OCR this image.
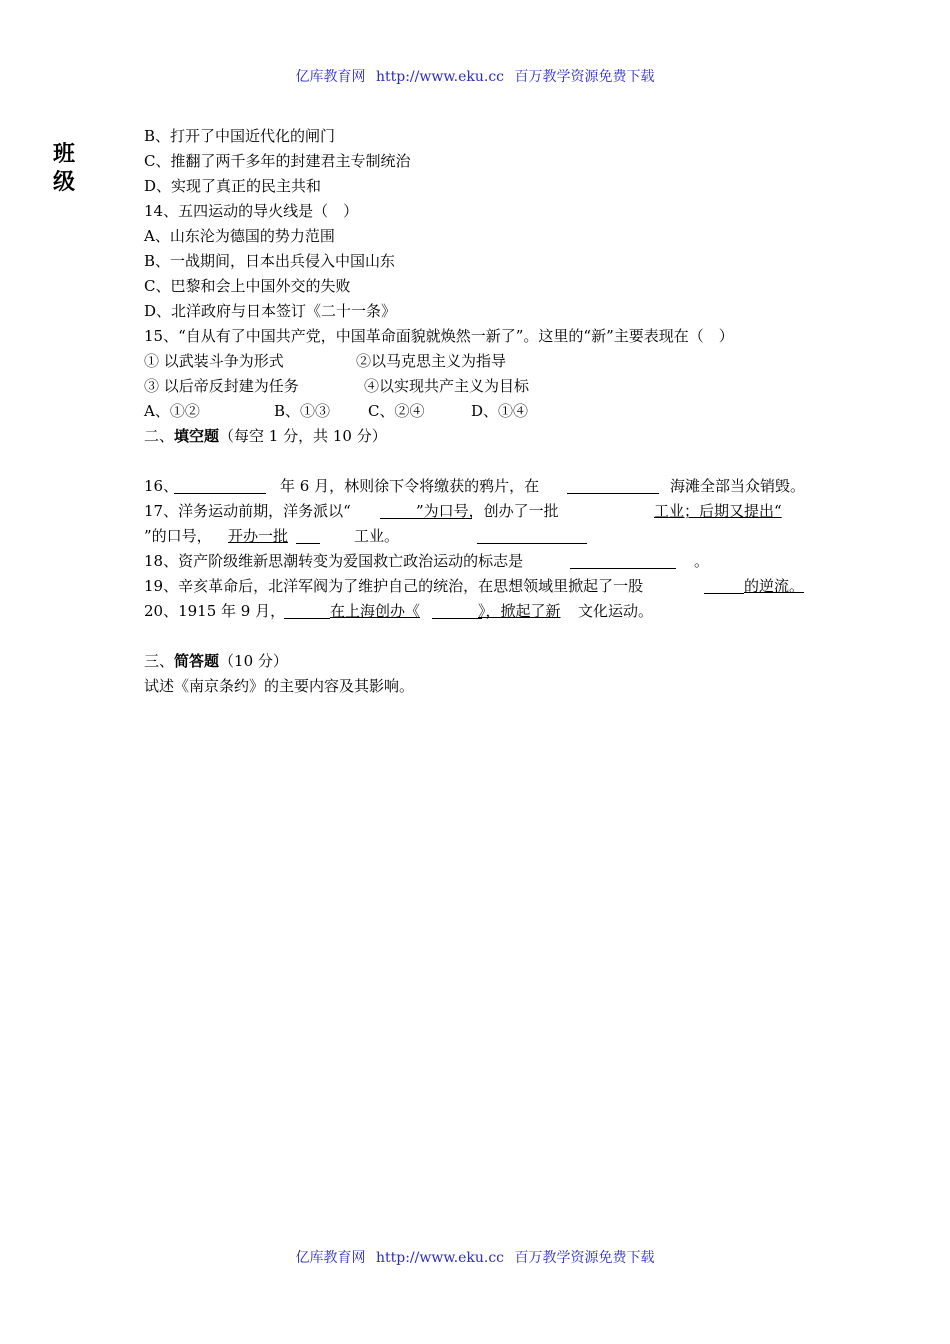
亿库教育网 http://www.eku.cc 百万教学资源免费下载
班
级
B、打开了中国近代化的闸门
C、推翻了两千多年的封建君主专制统治
D、实现了真正的民主共和
14、五四运动的导火线是（　）
A、山东沦为德国的势力范围
B、一战期间，日本出兵侵入中国山东
C、巴黎和会上中国外交的失败
D、北洋政府与日本签订《二十一条》
15、“自从有了中国共产党，中国革命面貌就焕然一新了”。这里的“新”主要表现在（　）
① 以武装斗争为形式	②以马克思主义为指导
③ 以后帝反封建为任务	④以实现共产主义为目标
A、①②	B、①③	C、②④	D、①④
二、填空题（每空 1 分，共 10 分）
16、	年 6 月，林则徐下令将缴获的鸦片，在	海滩全部当众销毁。
17、洋务运动前期，洋务派以“	”为口号，创办了一批	工业；后期又提出“
”的口号， 开办一批	工业。
18、资产阶级维新思潮转变为爱国救亡政治运动的标志是	。
19、辛亥革命后，北洋军阀为了维护自己的统治，在思想领域里掀起了一股	的逆流。
20、1915 年 9 月，	在上海创办《	》，掀起了新 文化运动。
三、简答题（10 分）
试述《南京条约》的主要内容及其影响。
亿库教育网 http://www.eku.cc 百万教学资源免费下载
